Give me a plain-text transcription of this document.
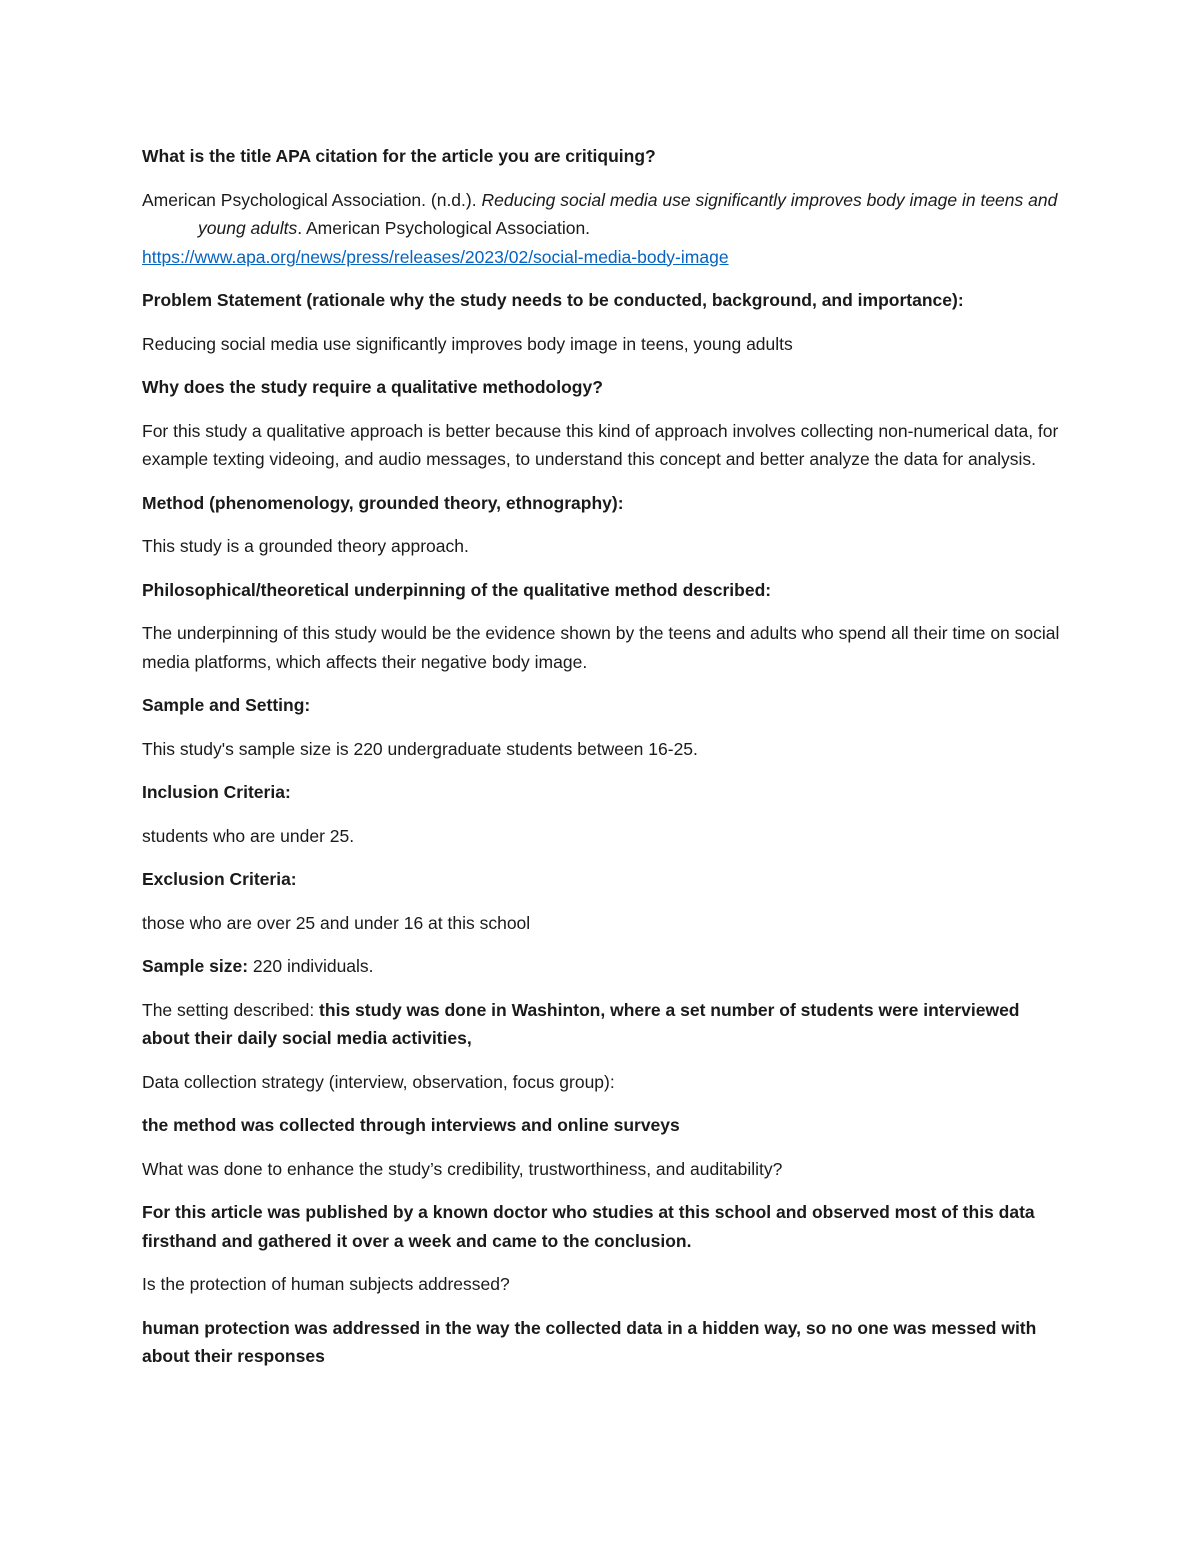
What is the title APA citation for the article you are critiquing?

American Psychological Association. (n.d.). Reducing social media use significantly improves body image in teens and young adults. American Psychological Association.
https://www.apa.org/news/press/releases/2023/02/social-media-body-image

Problem Statement (rationale why the study needs to be conducted, background, and importance):

Reducing social media use significantly improves body image in teens, young adults

Why does the study require a qualitative methodology?

For this study a qualitative approach is better because this kind of approach involves collecting non-numerical data, for example texting videoing, and audio messages, to understand this concept and better analyze the data for analysis.

Method (phenomenology, grounded theory, ethnography):

This study is a grounded theory approach.

Philosophical/theoretical underpinning of the qualitative method described:

The underpinning of this study would be the evidence shown by the teens and adults who spend all their time on social media platforms, which affects their negative body image.

Sample and Setting:

This study's sample size is 220 undergraduate students between 16-25.

Inclusion Criteria:

students who are under 25.

Exclusion Criteria:

those who are over 25 and under 16 at this school

Sample size: 220 individuals.

The setting described: this study was done in Washinton, where a set number of students were interviewed about their daily social media activities,

Data collection strategy (interview, observation, focus group):

the method was collected through interviews and online surveys

What was done to enhance the study’s credibility, trustworthiness, and auditability?

For this article was published by a known doctor who studies at this school and observed most of this data firsthand and gathered it over a week and came to the conclusion.

Is the protection of human subjects addressed?

human protection was addressed in the way the collected data in a hidden way, so no one was messed with about their responses
